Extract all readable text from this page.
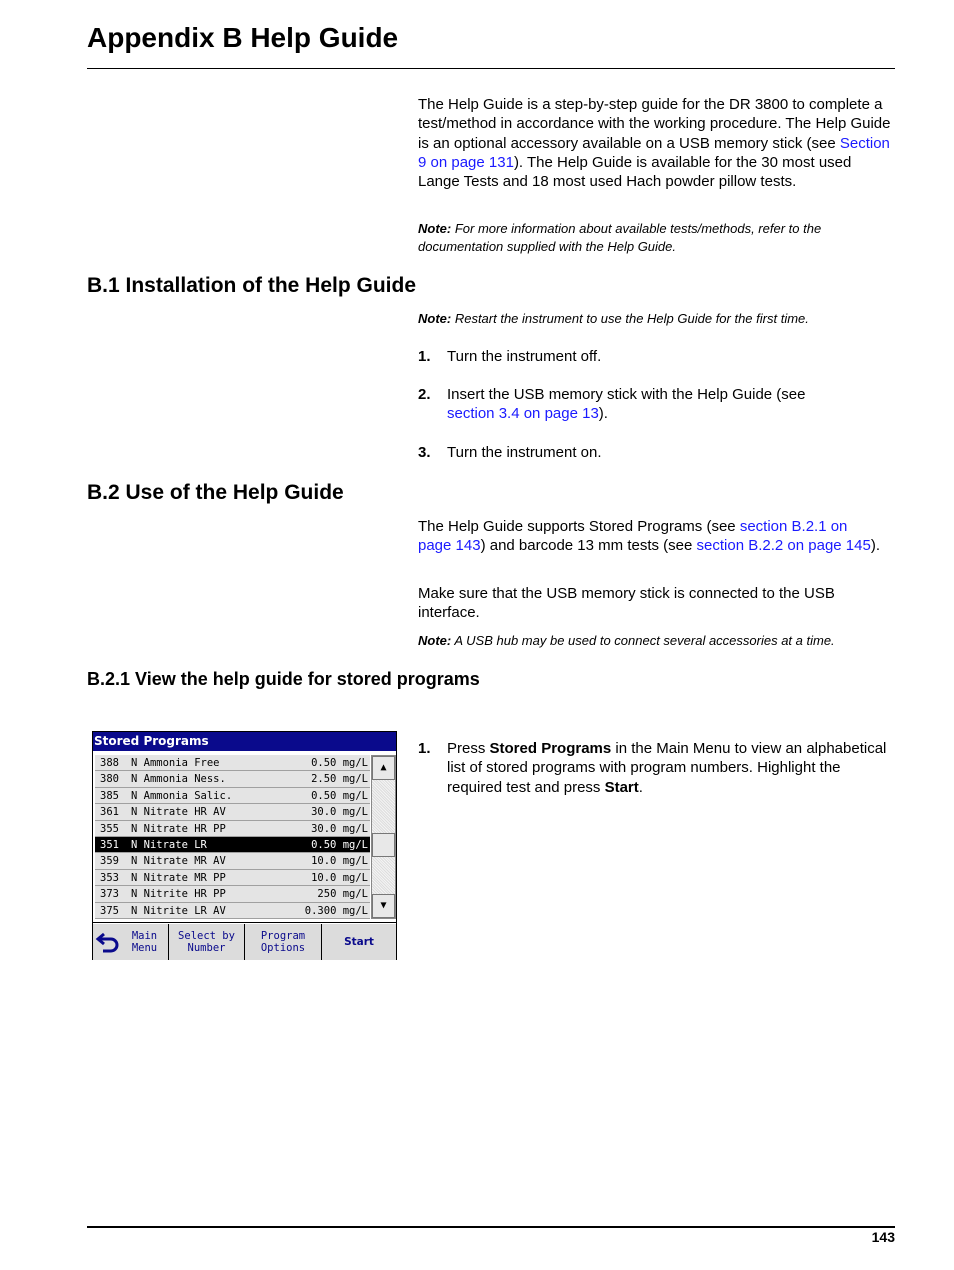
Appendix B Help Guide
The Help Guide is a step-by-step guide for the DR 3800 to complete a test/method in accordance with the working procedure. The Help Guide is an optional accessory available on a USB memory stick (see Section 9 on page 131). The Help Guide is available for the 30 most used Lange Tests and 18 most used Hach powder pillow tests.
Note: For more information about available tests/methods, refer to the documentation supplied with the Help Guide.
B.1 Installation of the Help Guide
Note: Restart the instrument to use the Help Guide for the first time.
1. Turn the instrument off.
2. Insert the USB memory stick with the Help Guide (see section 3.4 on page 13).
3. Turn the instrument on.
B.2 Use of the Help Guide
The Help Guide supports Stored Programs (see section B.2.1 on page 143) and barcode 13 mm tests (see section B.2.2 on page 145).
Make sure that the USB memory stick is connected to the USB interface.
Note: A USB hub may be used to connect several accessories at a time.
B.2.1 View the help guide for stored programs
1. Press Stored Programs in the Main Menu to view an alphabetical list of stored programs with program numbers. Highlight the required test and press Start.
Stored Programs
388 N Ammonia Free	0.50 mg/L
380 N Ammonia Ness.	2.50 mg/L
385 N Ammonia Salic.	0.50 mg/L
361 N Nitrate HR AV	30.0 mg/L
355 N Nitrate HR PP	30.0 mg/L
351 N Nitrate LR	0.50 mg/L
359 N Nitrate MR AV	10.0 mg/L
353 N Nitrate MR PP	10.0 mg/L
373 N Nitrite HR PP	250 mg/L
375 N Nitrite LR AV	0.300 mg/L
▲
▼
Main
Menu
Select by
Number
Program
Options	Start
143
